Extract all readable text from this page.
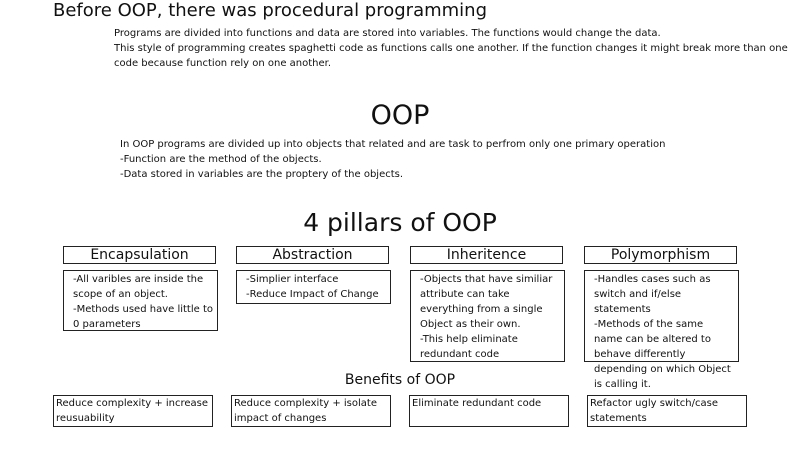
Before OOP, there was procedural programming
Programs are divided into functions and data are stored into variables. The functions would change the data.
This style of programming creates spaghetti code as functions calls one another. If the function changes it might break more than one code because function rely on one another.
OOP
In OOP programs are divided up into objects that related and are task to perfrom only one primary operation
-Function are the method of the objects.
-Data stored in variables are the proptery of the objects.
4 pillars of OOP
Encapsulation
-All varibles are inside the scope of an object.
-Methods used have little to 0 parameters
Abstraction
-Simplier interface
-Reduce Impact of Change
Inheritence
-Objects that have similiar attribute can take everything from a single Object as their own.
-This help eliminate redundant code
Polymorphism
-Handles cases such as switch and if/else statements
-Methods of the same name can be altered to behave differently depending on which Object is calling it.
Benefits of OOP
Reduce complexity + increase reusuability
Reduce complexity + isolate impact of changes
Eliminate redundant code	Refactor ugly switch/case statements
